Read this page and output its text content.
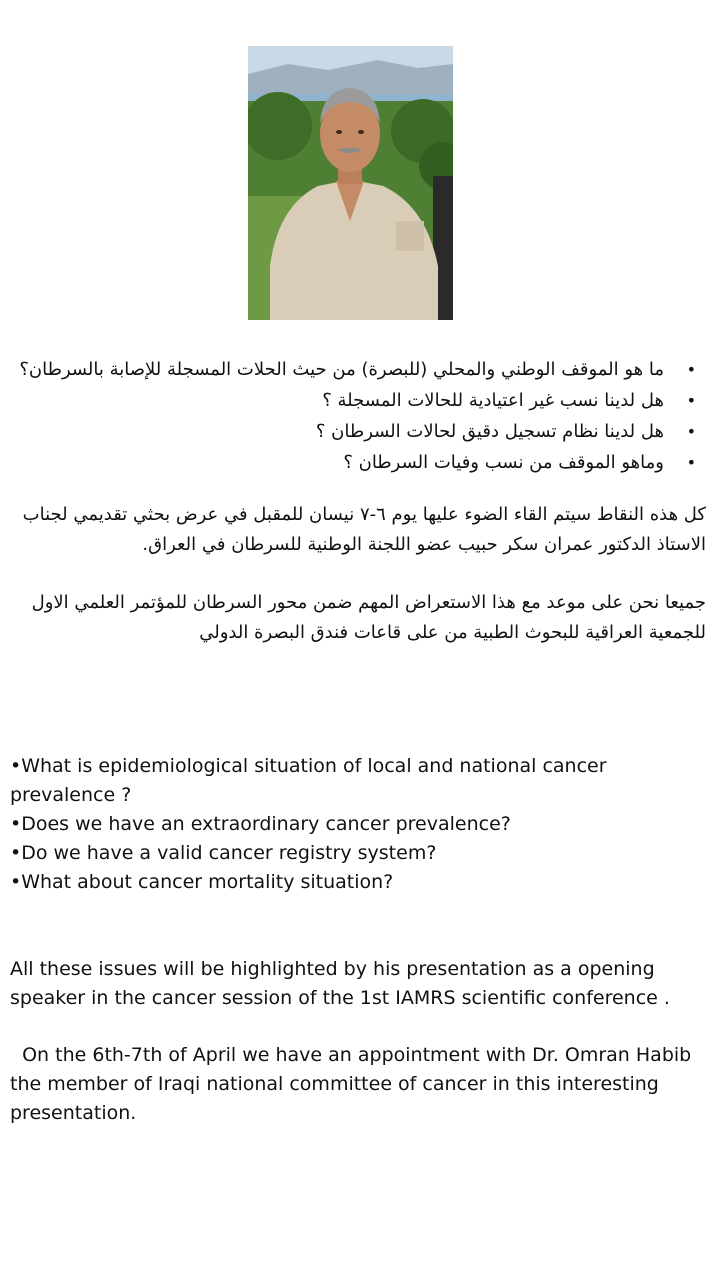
• ما هو الموقف الوطني والمحلي (للبصرة) من حيث الحلات المسجلة للإصابة بالسرطان؟
• هل لدينا نسب غير اعتيادية للحالات المسجلة ؟
• هل لدينا نظام تسجيل دقيق لحالات السرطان ؟
• وماهو الموقف من نسب وفيات السرطان ؟

كل هذه النقاط سيتم القاء الضوء عليها يوم ٦-٧ نيسان للمقبل في عرض بحثي تقديمي لجناب الاستاذ الدكتور عمران سكر حبيب عضو اللجنة الوطنية للسرطان في العراق.

جميعا نحن على موعد مع هذا الاستعراض المهم ضمن محور السرطان للمؤتمر العلمي الاول للجمعية العراقية للبحوث الطبية من على قاعات فندق البصرة الدولي

•What is epidemiological situation of local and national cancer prevalence ?
•Does we have an extraordinary cancer prevalence?
•Do we have a valid cancer registry system?
•What about cancer mortality situation?

All these issues will be highlighted by his presentation as a opening speaker in the cancer session of the 1st IAMRS scientific conference .

On the 6th-7th of April we have an appointment with Dr. Omran Habib the member of Iraqi national committee of cancer in this interesting presentation.
